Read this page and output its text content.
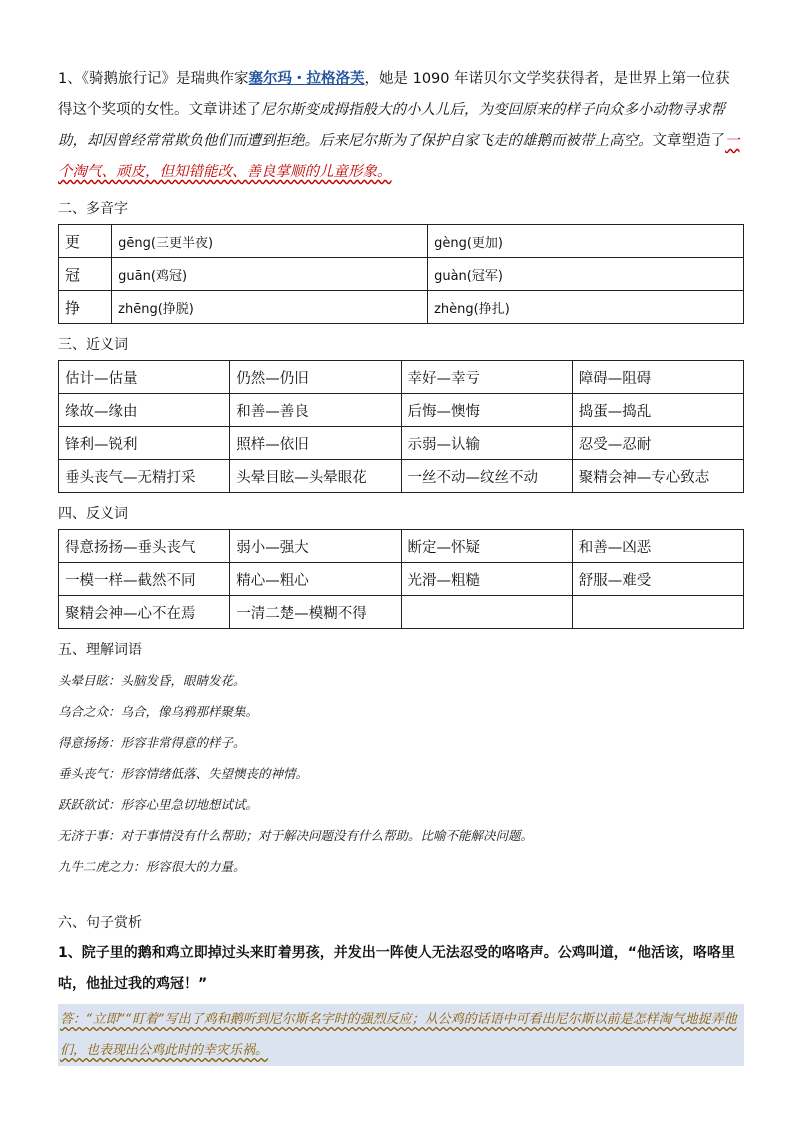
1、《骑鹅旅行记》是瑞典作家塞尔玛・拉格洛芙，她是 1090 年诺贝尔文学奖获得者，是世界上第一位获得这个奖项的女性。文章讲述了尼尔斯变成拇指般大的小人儿后，为变回原来的样子向众多小动物寻求帮助，却因曾经常常欺负他们而遭到拒绝。后来尼尔斯为了保护自家飞走的雄鹅而被带上高空。文章塑造了一个淘气、顽皮，但知错能改、善良掌顺的儿童形象。

二、多音字
更	gēng(三更半夜)	gèng(更加)
冠	guān(鸡冠)	guàn(冠军)
挣	zhēng(挣脱)	zhèng(挣扎)
三、近义词
估计—估量	仍然—仍旧	幸好—幸亏	障碍—阻碍
缘故—缘由	和善—善良	后悔—懊悔	捣蛋—捣乱
锋利—锐利	照样—依旧	示弱—认输	忍受—忍耐
垂头丧气—无精打采	头晕目眩—头晕眼花	一丝不动—纹丝不动	聚精会神—专心致志
四、反义词
得意扬扬—垂头丧气	弱小—强大	断定—怀疑	和善—凶恶
一模一样—截然不同	精心—粗心	光滑—粗糙	舒服—难受
聚精会神—心不在焉	一清二楚—模糊不得		
五、理解词语

头晕目眩：头脑发昏，眼睛发花。

乌合之众：乌合，像乌鸦那样聚集。

得意扬扬：形容非常得意的样子。

垂头丧气：形容情绪低落、失望懊丧的神情。

跃跃欲试：形容心里急切地想试试。

无济于事：对于事情没有什么帮助；对于解决问题没有什么帮助。比喻不能解决问题。

九牛二虎之力：形容很大的力量。

六、句子赏析

1、院子里的鹅和鸡立即掉过头来盯着男孩，并发出一阵使人无法忍受的咯咯声。公鸡叫道，“他活该，咯咯里咕，他扯过我的鸡冠！”

答：“立即”“盯着”写出了鸡和鹅听到尼尔斯名字时的强烈反应；从公鸡的话语中可看出尼尔斯以前是怎样淘气地捉弄他们，也表现出公鸡此时的幸灾乐祸。
